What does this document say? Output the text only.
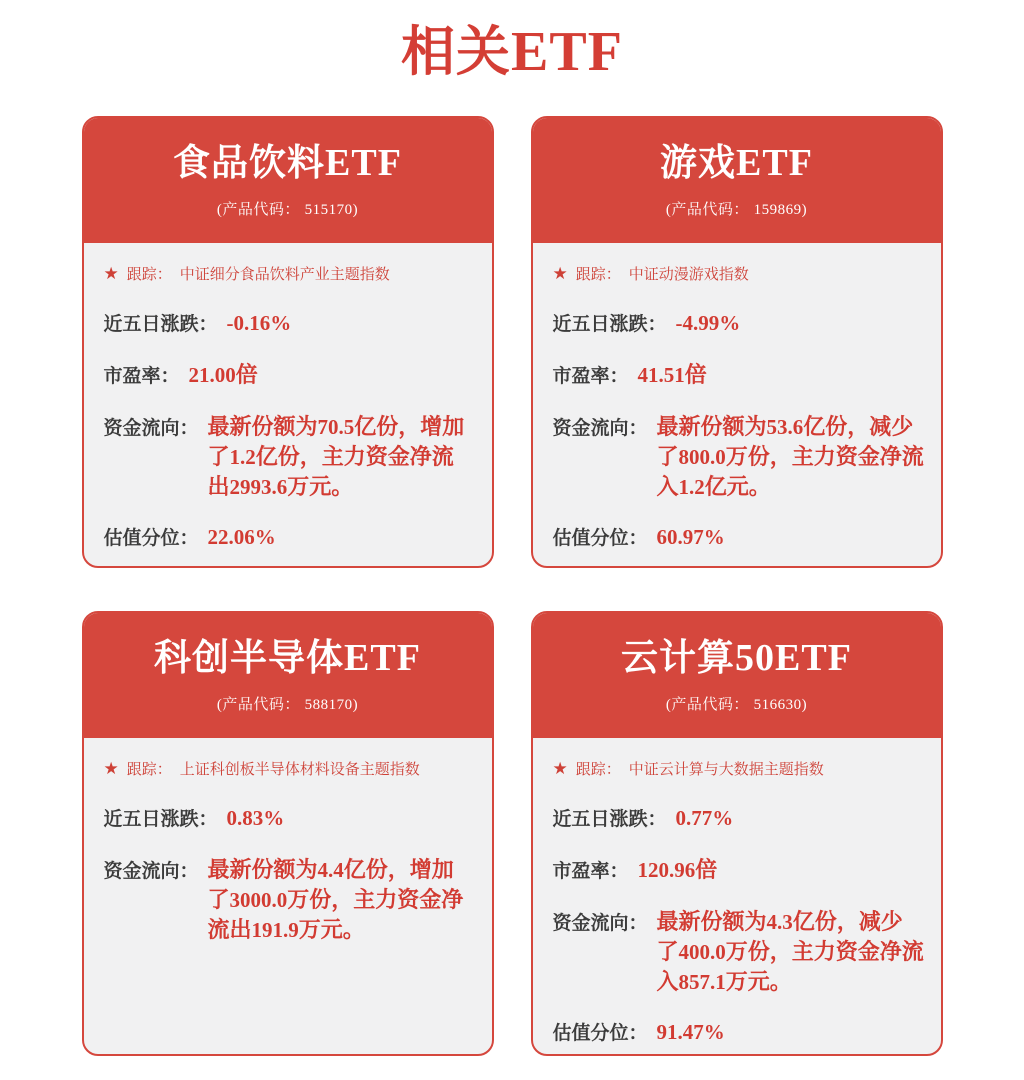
相关ETF
食品饮料ETF
(产品代码： 515170)
★ 跟踪： 中证细分食品饮料产业主题指数
近五日涨跌： -0.16%
市盈率： 21.00倍
资金流向： 最新份额为70.5亿份，增加了1.2亿份，主力资金净流出2993.6万元。
估值分位： 22.06%
游戏ETF
(产品代码： 159869)
★ 跟踪： 中证动漫游戏指数
近五日涨跌： -4.99%
市盈率： 41.51倍
资金流向： 最新份额为53.6亿份，减少了800.0万份，主力资金净流入1.2亿元。
估值分位： 60.97%
科创半导体ETF
(产品代码： 588170)
★ 跟踪： 上证科创板半导体材料设备主题指数
近五日涨跌： 0.83%
资金流向： 最新份额为4.4亿份，增加了3000.0万份，主力资金净流出191.9万元。
云计算50ETF
(产品代码： 516630)
★ 跟踪： 中证云计算与大数据主题指数
近五日涨跌： 0.77%
市盈率： 120.96倍
资金流向： 最新份额为4.3亿份，减少了400.0万份，主力资金净流入857.1万元。
估值分位： 91.47%
